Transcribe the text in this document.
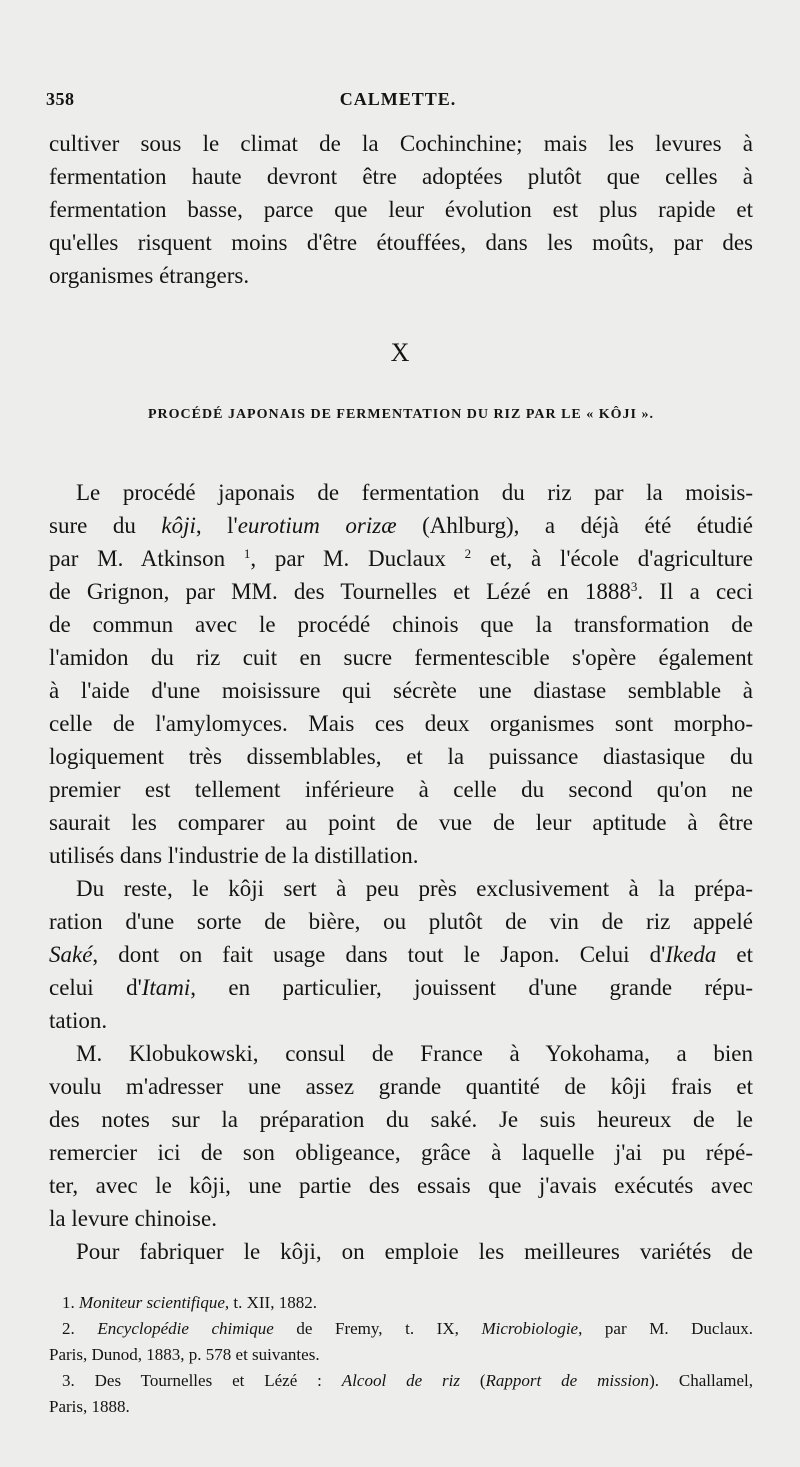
358	CALMETTE.
cultiver sous le climat de la Cochinchine; mais les levures à
fermentation haute devront être adoptées plutôt que celles à
fermentation basse, parce que leur évolution est plus rapide et
qu'elles risquent moins d'être étouffées, dans les moûts, par des
organismes étrangers.
X
PROCÉDÉ JAPONAIS DE FERMENTATION DU RIZ PAR LE « KÔJI ».
Le procédé japonais de fermentation du riz par la moisis-
sure du kôji, l'eurotium orizæ (Ahlburg), a déjà été étudié
par M. Atkinson $^1$, par M. Duclaux $^2$ et, à l'école d'agriculture
de Grignon, par MM. des Tournelles et Lézé en 1888$^3$. Il a ceci
de commun avec le procédé chinois que la transformation de
l'amidon du riz cuit en sucre fermentescible s'opère également
à l'aide d'une moisissure qui sécrète une diastase semblable à
celle de l'amylomyces. Mais ces deux organismes sont morpho-
logiquement très dissemblables, et la puissance diastasique du
premier est tellement inférieure à celle du second qu'on ne
saurait les comparer au point de vue de leur aptitude à être
utilisés dans l'industrie de la distillation.
Du reste, le kôji sert à peu près exclusivement à la prépa-
ration d'une sorte de bière, ou plutôt de vin de riz appelé
Saké, dont on fait usage dans tout le Japon. Celui d'Ikeda et
celui d'Itami, en particulier, jouissent d'une grande répu-
tation.
M. Klobukowski, consul de France à Yokohama, a bien
voulu m'adresser une assez grande quantité de kôji frais et
des notes sur la préparation du saké. Je suis heureux de le
remercier ici de son obligeance, grâce à laquelle j'ai pu répé-
ter, avec le kôji, une partie des essais que j'avais exécutés avec
la levure chinoise.
Pour fabriquer le kôji, on emploie les meilleures variétés de
1. Moniteur scientifique, t. XII, 1882.
2. Encyclopédie chimique de Fremy, t. IX, Microbiologie, par M. Duclaux.
Paris, Dunod, 1883, p. 578 et suivantes.
3. Des Tournelles et Lézé : Alcool de riz (Rapport de mission). Challamel,
Paris, 1888.
